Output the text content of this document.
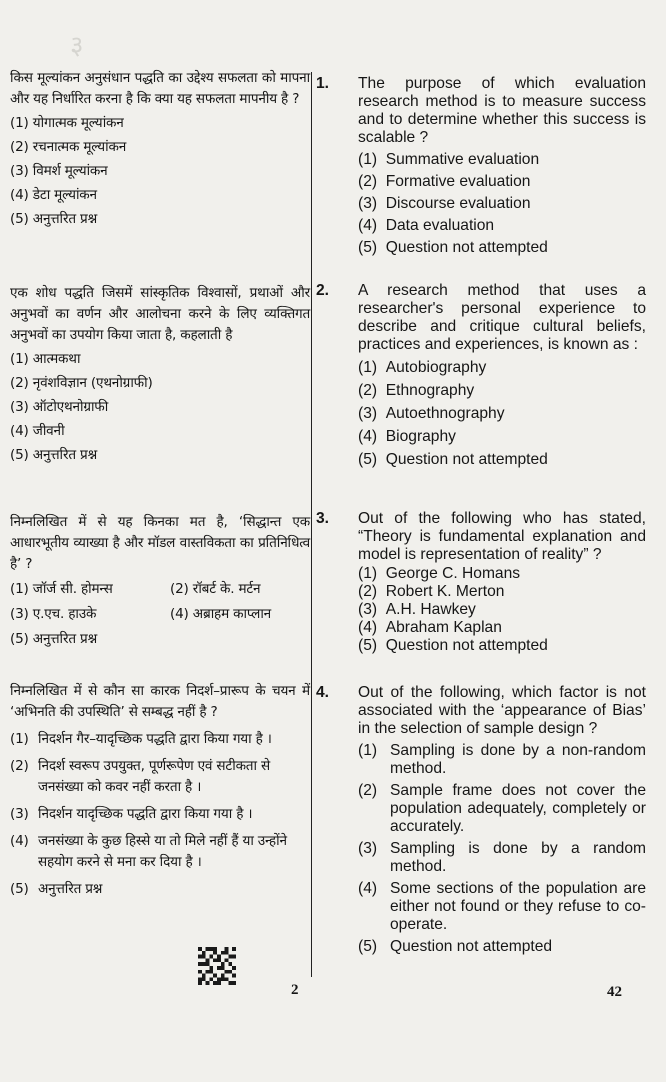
३
किस मूल्यांकन अनुसंधान पद्धति का उद्देश्य सफलता को मापना और यह निर्धारित करना है कि क्या यह सफलता मापनीय है ?
(1) योगात्मक मूल्यांकन
(2) रचनात्मक मूल्यांकन
(3) विमर्श मूल्यांकन
(4) डेटा मूल्यांकन
(5) अनुत्तरित प्रश्न
1. The purpose of which evaluation research method is to measure success and to determine whether this success is scalable ?
(1)
Summative evaluation
(2)
Formative evaluation
(3)
Discourse evaluation
(4)
Data evaluation
(5)
Question not attempted
एक शोध पद्धति जिसमें सांस्कृतिक विश्वासों, प्रथाओं और अनुभवों का वर्णन और आलोचना करने के लिए व्यक्तिगत अनुभवों का उपयोग किया जाता है, कहलाती है
(1) आत्मकथा
(2) नृवंशविज्ञान (एथनोग्राफी)
(3) ऑटोएथनोग्राफी
(4) जीवनी
(5) अनुत्तरित प्रश्न
2. A research method that uses a researcher's personal experience to describe and critique cultural beliefs, practices and experiences, is known as :
(1)
Autobiography
(2)
Ethnography
(3)
Autoethnography
(4)
Biography
(5)
Question not attempted
निम्नलिखित में से यह किनका मत है, ‘सिद्धान्त एक आधारभूतीय व्याख्या है और मॉडल वास्तविकता का प्रतिनिधित्व है’ ?
(1) जॉर्ज सी. होमन्स	(2) रॉबर्ट के. मर्टन
(3) ए.एच. हाउके	(4) अब्राहम काप्लान
(5) अनुत्तरित प्रश्न
3. Out of the following who has stated, “Theory is fundamental explanation and model is representation of reality” ?
(1)
George C. Homans
(2)
Robert K. Merton
(3)
A.H. Hawkey
(4)
Abraham Kaplan
(5)
Question not attempted
निम्नलिखित में से कौन सा कारक निदर्श–प्रारूप के चयन में ‘अभिनति की उपस्थिति’ से सम्बद्ध नहीं है ?
(1) निदर्शन गैर–यादृच्छिक पद्धति द्वारा किया गया है ।
(2) निदर्श स्वरूप उपयुक्त, पूर्णरूपेण एवं सटीकता से जनसंख्या को कवर नहीं करता है ।
(3) निदर्शन यादृच्छिक पद्धति द्वारा किया गया है ।
(4) जनसंख्या के कुछ हिस्से या तो मिले नहीं हैं या उन्होंने सहयोग करने से मना कर दिया है ।
(5) अनुत्तरित प्रश्न
4. Out of the following, which factor is not associated with the ‘appearance of Bias’ in the selection of sample design ?
(1) Sampling is done by a non-random method.
(2) Sample frame does not cover the population adequately, completely or accurately.
(3) Sampling is done by a random method.
(4) Some sections of the population are either not found or they refuse to co-operate.
(5) Question not attempted
2	42
